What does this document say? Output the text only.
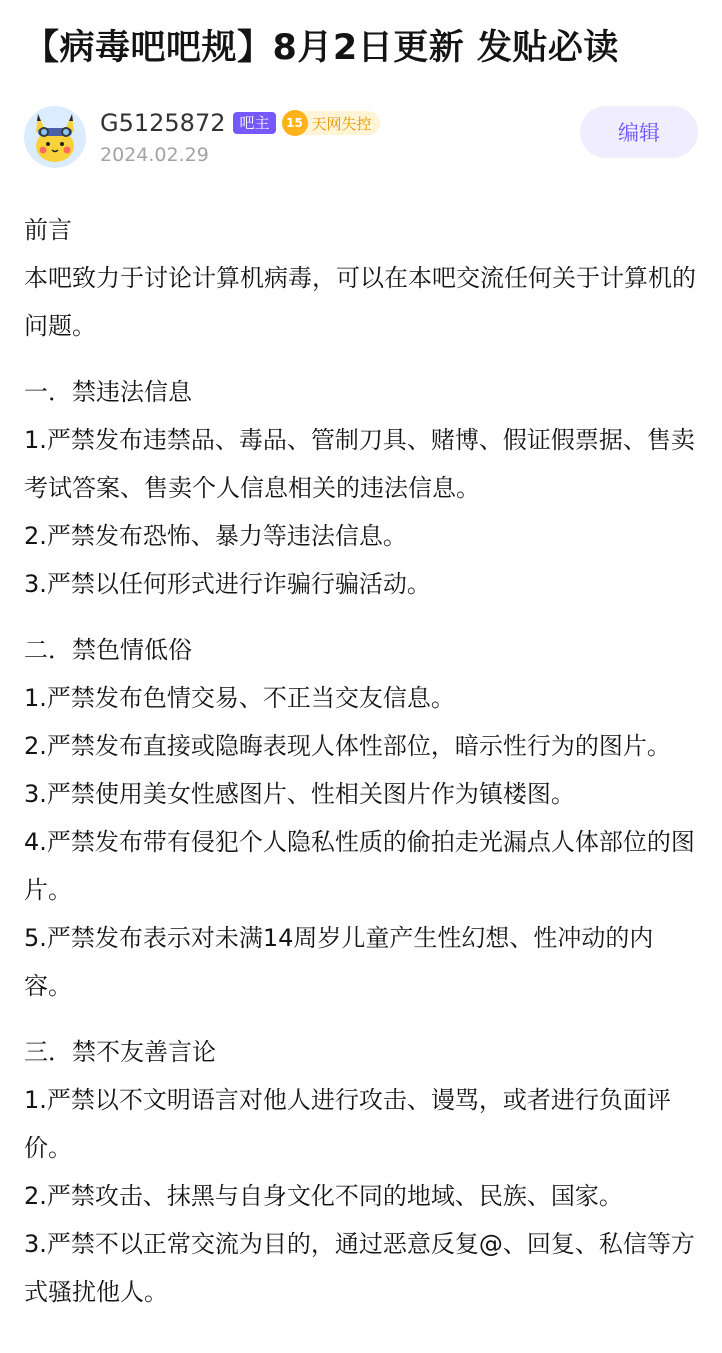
【病毒吧吧规】8月2日更新 发贴必读
G5125872 吧主	15 天网失控
2024.02.29
编辑

前言

本吧致力于讨论计算机病毒，可以在本吧交流任何关于计算机的问题。

一．禁违法信息

1.严禁发布违禁品、毒品、管制刀具、赌博、假证假票据、售卖考试答案、售卖个人信息相关的违法信息。

2.严禁发布恐怖、暴力等违法信息。

3.严禁以任何形式进行诈骗行骗活动。

二．禁色情低俗

1.严禁发布色情交易、不正当交友信息。

2.严禁发布直接或隐晦表现人体性部位，暗示性行为的图片。

3.严禁使用美女性感图片、性相关图片作为镇楼图。

4.严禁发布带有侵犯个人隐私性质的偷拍走光漏点人体部位的图片。

5.严禁发布表示对未满14周岁儿童产生性幻想、性冲动的内容。

三．禁不友善言论

1.严禁以不文明语言对他人进行攻击、谩骂，或者进行负面评价。

2.严禁攻击、抹黑与自身文化不同的地域、民族、国家。

3.严禁不以正常交流为目的，通过恶意反复@、回复、私信等方式骚扰他人。
